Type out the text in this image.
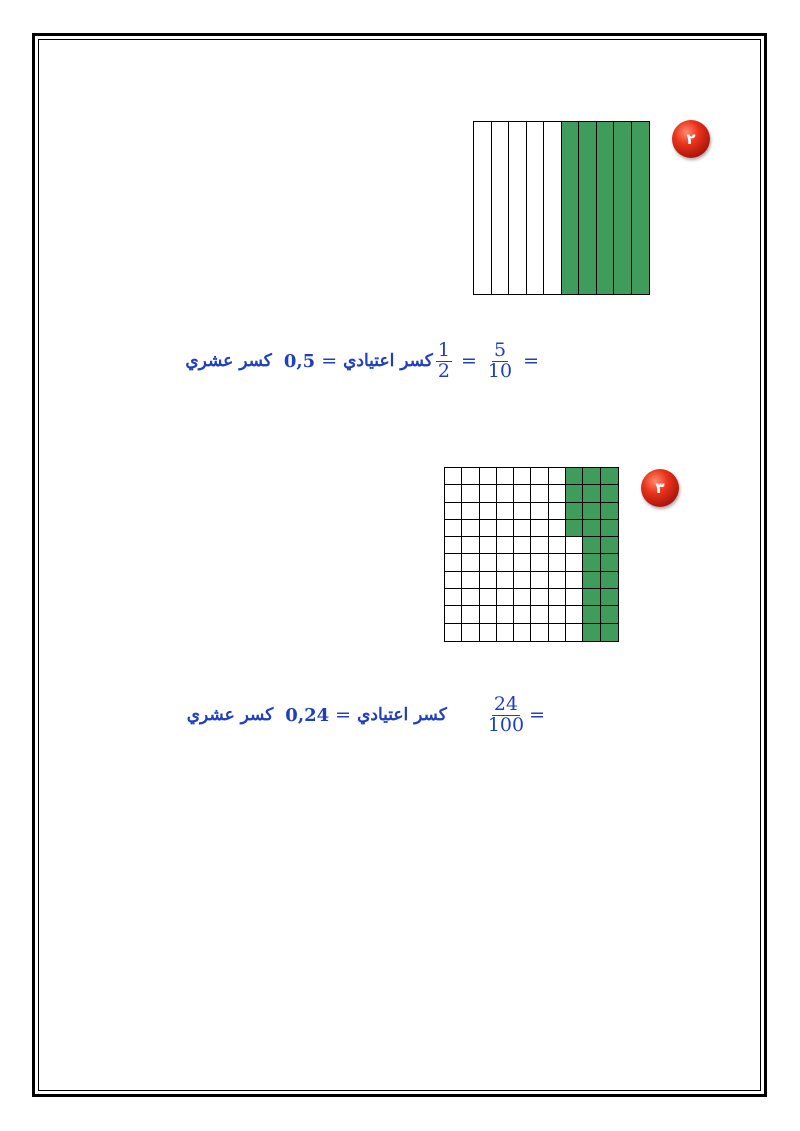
٢
كسر عشري 0,5 = كسر اعتيادي $\frac{1}{2} = \frac{5}{10}$ =
٣
كسر عشري 0,24 = كسر اعتيادي $\frac{24}{100}$ =
